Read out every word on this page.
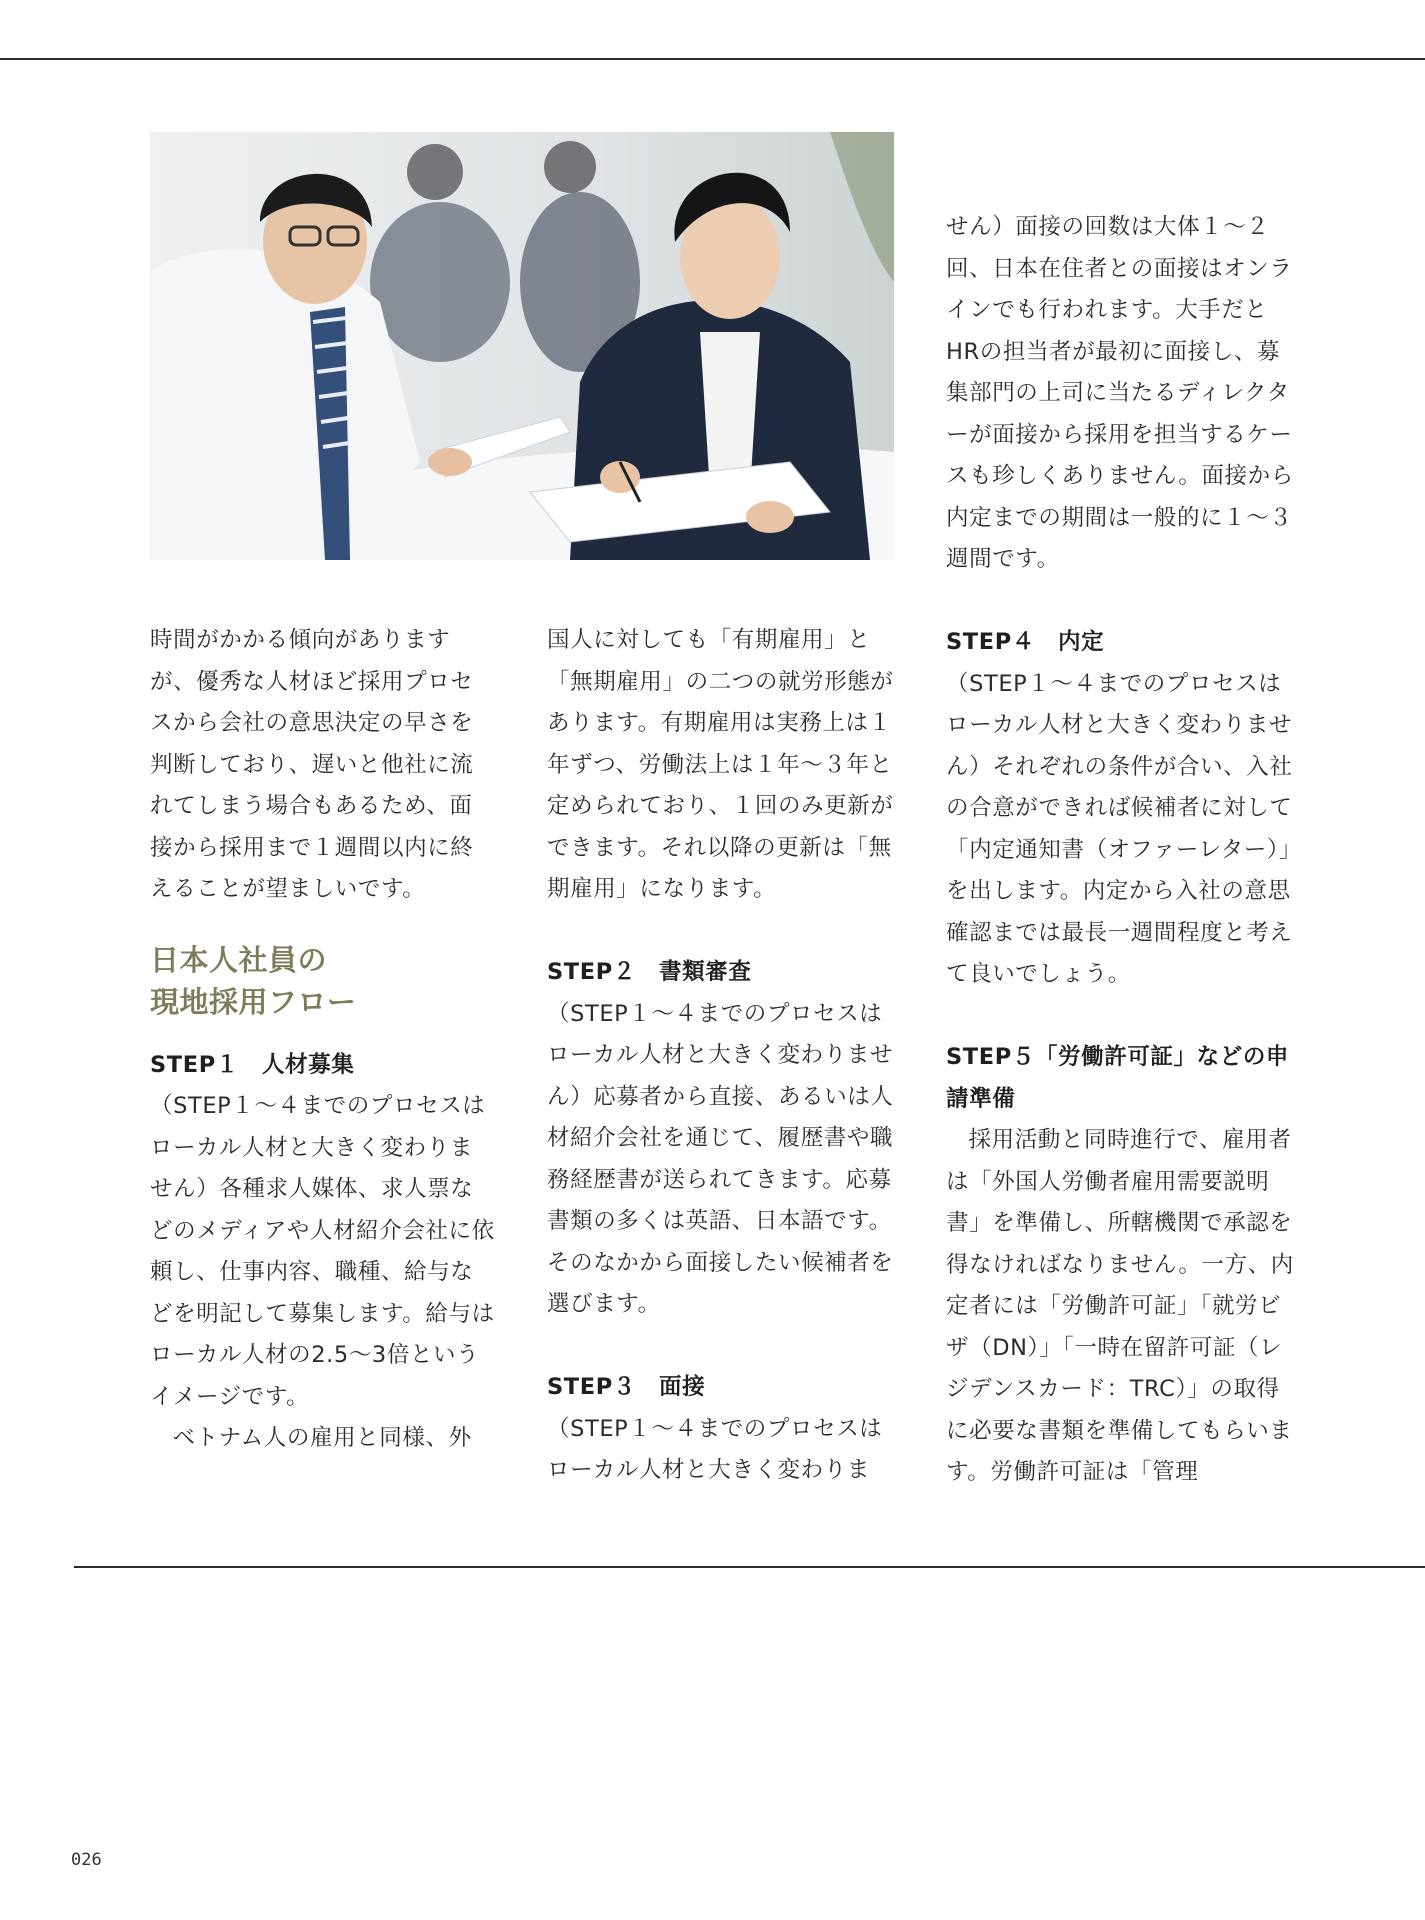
時間がかかる傾向がありますが、優秀な人材ほど採用プロセスから会社の意思決定の早さを判断しており、遅いと他社に流れてしまう場合もあるため、面接から採用まで１週間以内に終えることが望ましいです。

日本人社員の
現地採用フロー

STEP１　人材募集

（STEP１～４までのプロセスはローカル人材と大きく変わりません）各種求人媒体、求人票などのメディアや人材紹介会社に依頼し、仕事内容、職種、給与などを明記して募集します。給与はローカル人材の2.5～3倍というイメージです。

ベトナム人の雇用と同様、外

国人に対しても「有期雇用」と「無期雇用」の二つの就労形態があります。有期雇用は実務上は１年ずつ、労働法上は１年～３年と定められており、１回のみ更新ができます。それ以降の更新は「無期雇用」になります。

STEP２　書類審査

（STEP１～４までのプロセスはローカル人材と大きく変わりません）応募者から直接、あるいは人材紹介会社を通じて、履歴書や職務経歴書が送られてきます。応募書類の多くは英語、日本語です。そのなかから面接したい候補者を選びます。

STEP３　面接

（STEP１～４までのプロセスはローカル人材と大きく変わりま

せん）面接の回数は大体１～２回、日本在住者との面接はオンラインでも行われます。大手だとHRの担当者が最初に面接し、募集部門の上司に当たるディレクターが面接から採用を担当するケースも珍しくありません。面接から内定までの期間は一般的に１～３週間です。

STEP４　内定

（STEP１～４までのプロセスはローカル人材と大きく変わりません）それぞれの条件が合い、入社の合意ができれば候補者に対して「内定通知書（オファーレター）」を出します。内定から入社の意思確認までは最長一週間程度と考えて良いでしょう。

STEP５「労働許可証」などの申請準備

採用活動と同時進行で、雇用者は「外国人労働者雇用需要説明書」を準備し、所轄機関で承認を得なければなりません。一方、内定者には「労働許可証」「就労ビザ（DN）」「一時在留許可証（レジデンスカード：TRC）」の取得に必要な書類を準備してもらいます。労働許可証は「管理

026
